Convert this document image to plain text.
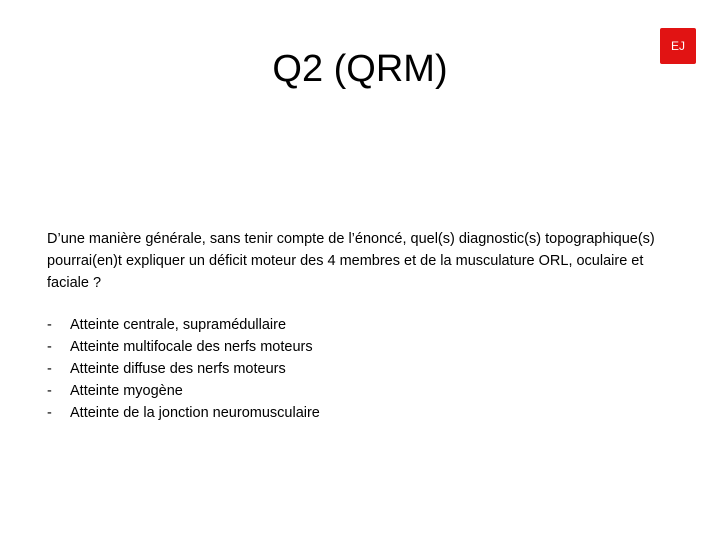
Q2 (QRM)
EJ

D’une manière générale, sans tenir compte de l’énoncé, quel(s) diagnostic(s) topographique(s) pourrai(en)t expliquer un déficit moteur des 4 membres et de la musculature ORL, oculaire et faciale ?

-	Atteinte centrale, supramédullaire
-	Atteinte multifocale des nerfs moteurs
-	Atteinte diffuse des nerfs moteurs
-	Atteinte myogène
-	Atteinte de la jonction neuromusculaire
